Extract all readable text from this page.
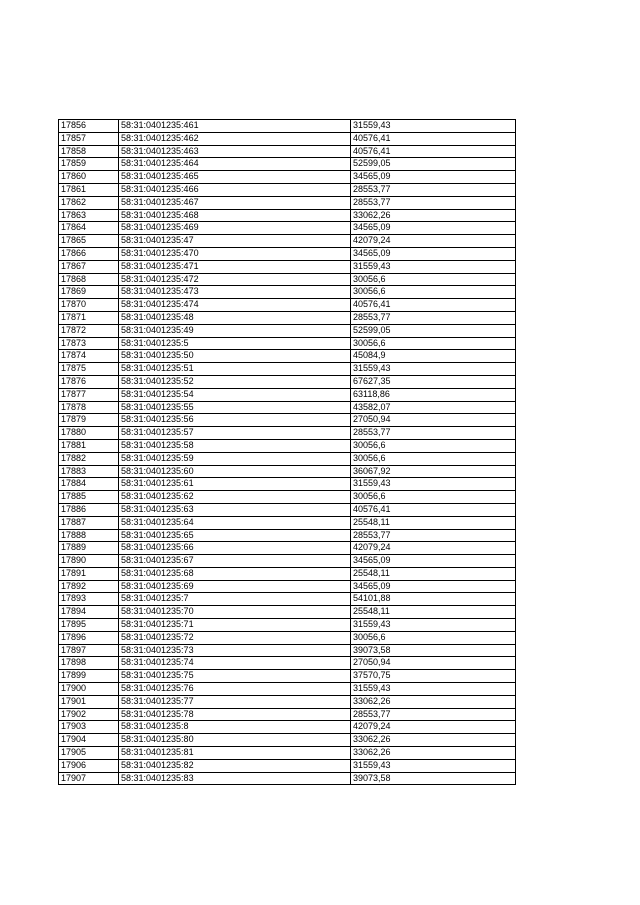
17856	58:31:0401235:461	31559,43
17857	58:31:0401235:462	40576,41
17858	58:31:0401235:463	40576,41
17859	58:31:0401235:464	52599,05
17860	58:31:0401235:465	34565,09
17861	58:31:0401235:466	28553,77
17862	58:31:0401235:467	28553,77
17863	58:31:0401235:468	33062,26
17864	58:31:0401235:469	34565,09
17865	58:31:0401235:47	42079,24
17866	58:31:0401235:470	34565,09
17867	58:31:0401235:471	31559,43
17868	58:31:0401235:472	30056,6
17869	58:31:0401235:473	30056,6
17870	58:31:0401235:474	40576,41
17871	58:31:0401235:48	28553,77
17872	58:31:0401235:49	52599,05
17873	58:31:0401235:5	30056,6
17874	58:31:0401235:50	45084,9
17875	58:31:0401235:51	31559,43
17876	58:31:0401235:52	67627,35
17877	58:31:0401235:54	63118,86
17878	58:31:0401235:55	43582,07
17879	58:31:0401235:56	27050,94
17880	58:31:0401235:57	28553,77
17881	58:31:0401235:58	30056,6
17882	58:31:0401235:59	30056,6
17883	58:31:0401235:60	36067,92
17884	58:31:0401235:61	31559,43
17885	58:31:0401235:62	30056,6
17886	58:31:0401235:63	40576,41
17887	58:31:0401235:64	25548,11
17888	58:31:0401235:65	28553,77
17889	58:31:0401235:66	42079,24
17890	58:31:0401235:67	34565,09
17891	58:31:0401235:68	25548,11
17892	58:31:0401235:69	34565,09
17893	58:31:0401235:7	54101,88
17894	58:31:0401235:70	25548,11
17895	58:31:0401235:71	31559,43
17896	58:31:0401235:72	30056,6
17897	58:31:0401235:73	39073,58
17898	58:31:0401235:74	27050,94
17899	58:31:0401235:75	37570,75
17900	58:31:0401235:76	31559,43
17901	58:31:0401235:77	33062,26
17902	58:31:0401235:78	28553,77
17903	58:31:0401235:8	42079,24
17904	58:31:0401235:80	33062,26
17905	58:31:0401235:81	33062,26
17906	58:31:0401235:82	31559,43
17907	58:31:0401235:83	39073,58
